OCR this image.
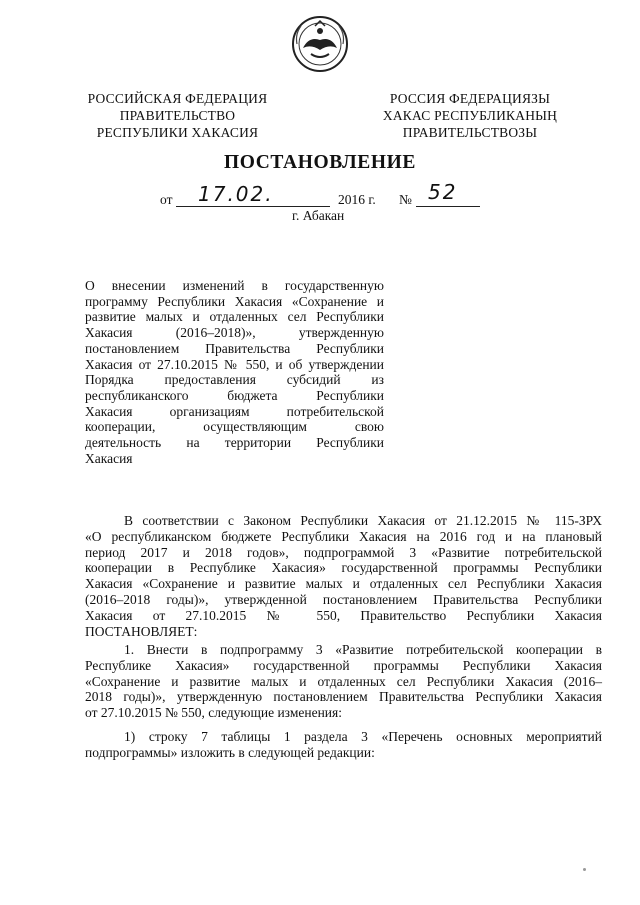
РОССИЙСКАЯ ФЕДЕРАЦИЯ
ПРАВИТЕЛЬСТВО
РЕСПУБЛИКИ ХАКАСИЯ
РОССИЯ ФЕДЕРАЦИЯЗЫ
ХАКАС РЕСПУБЛИКАНЫҢ
ПРАВИТЕЛЬСТВОЗЫ
ПОСТАНОВЛЕНИЕ
от 17.02.	2016 г. № 52
г. Абакан
О внесении изменений в государственную
программу Республики Хакасия «Сохранение и
развитие малых и отдаленных сел Республики
Хакасия (2016–2018)», утвержденную
постановлением Правительства Республики
Хакасия от 27.10.2015 № 550, и об утверждении
Порядка предоставления субсидий из
республиканского бюджета Республики
Хакасия организациям потребительской
кооперации, осуществляющим свою
деятельность на территории Республики
Хакасия
В соответствии с Законом Республики Хакасия от 21.12.2015 № 115-ЗРХ
«О республиканском бюджете Республики Хакасия на 2016 год и на плановый
период 2017 и 2018 годов», подпрограммой 3 «Развитие потребительской
кооперации в Республике Хакасия» государственной программы Республики
Хакасия «Сохранение и развитие малых и отдаленных сел Республики Хакасия
(2016–2018 годы)», утвержденной постановлением Правительства Республики
Хакасия от 27.10.2015 № 550, Правительство Республики Хакасия
ПОСТАНОВЛЯЕТ:
1. Внести в подпрограмму 3 «Развитие потребительской кооперации в
Республике Хакасия» государственной программы Республики Хакасия
«Сохранение и развитие малых и отдаленных сел Республики Хакасия (2016–
2018 годы)», утвержденную постановлением Правительства Республики Хакасия
от 27.10.2015 № 550, следующие изменения:
1) строку 7 таблицы 1 раздела 3 «Перечень основных мероприятий
подпрограммы» изложить в следующей редакции:
